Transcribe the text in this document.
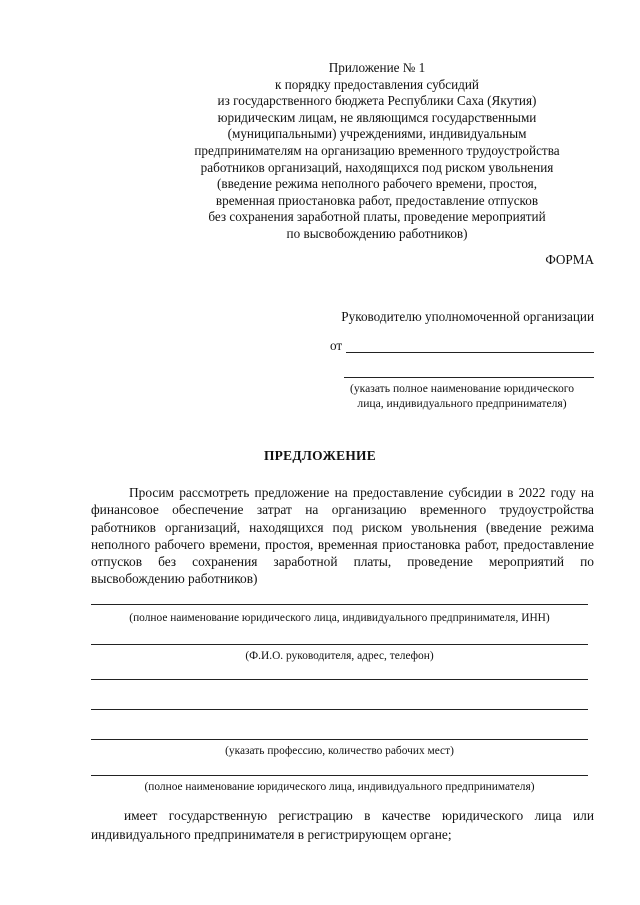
Приложение № 1
к порядку предоставления субсидий
из государственного бюджета Республики Саха (Якутия)
юридическим лицам, не являющимся государственными
(муниципальными) учреждениями, индивидуальным
предпринимателям на организацию временного трудоустройства
работников организаций, находящихся под риском увольнения
(введение режима неполного рабочего времени, простоя,
временная приостановка работ, предоставление отпусков
без сохранения заработной платы, проведение мероприятий
по высвобождению работников)
ФОРМА
Руководителю уполномоченной организации
от
(указать полное наименование юридического
лица, индивидуального предпринимателя)
ПРЕДЛОЖЕНИЕ
Просим рассмотреть предложение на предоставление субсидии в 2022 году на финансовое обеспечение затрат на организацию временного трудоустройства работников организаций, находящихся под риском увольнения (введение режима неполного рабочего времени, простоя, временная приостановка работ, предоставление отпусков без сохранения заработной платы, проведение мероприятий по высвобождению работников)
(полное наименование юридического лица, индивидуального предпринимателя, ИНН)
(Ф.И.О. руководителя, адрес, телефон)
(указать профессию, количество рабочих мест)
(полное наименование юридического лица, индивидуального предпринимателя)
имеет государственную регистрацию в качестве юридического лица или индивидуального предпринимателя в регистрирующем органе;
